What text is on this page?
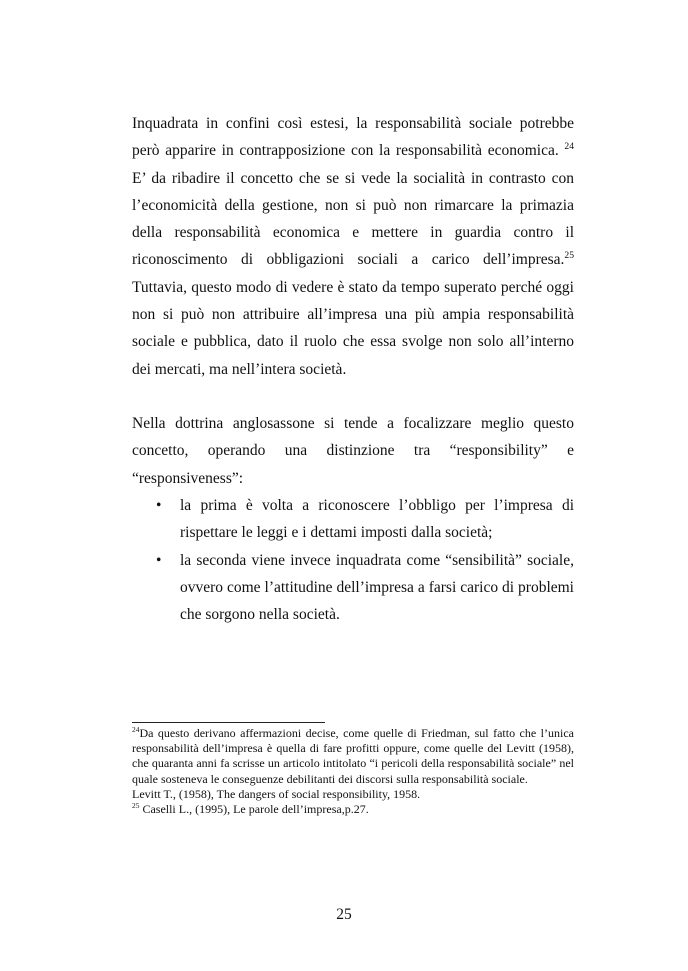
Inquadrata in confini così estesi, la responsabilità sociale potrebbe però apparire in contrapposizione con la responsabilità economica. $^{24}$ E’ da ribadire il concetto che se si vede la socialità in contrasto con l’economicità della gestione, non si può non rimarcare la primazia della responsabilità economica e mettere in guardia contro il riconoscimento di obbligazioni sociali a carico dell’impresa.$^{25}$ Tuttavia, questo modo di vedere è stato da tempo superato perché oggi non si può non attribuire all’impresa una più ampia responsabilità sociale e pubblica, dato il ruolo che essa svolge non solo all’interno dei mercati, ma nell’intera società.

Nella dottrina anglosassone si tende a focalizzare meglio questo concetto, operando una distinzione tra “responsibility” e “responsiveness”:

• la prima è volta a riconoscere l’obbligo per l’impresa di rispettare le leggi e i dettami imposti dalla società;
• la seconda viene invece inquadrata come “sensibilità” sociale, ovvero come l’attitudine dell’impresa a farsi carico di problemi che sorgono nella società.

$^{24}$Da questo derivano affermazioni decise, come quelle di Friedman, sul fatto che l’unica responsabilità dell’impresa è quella di fare profitti oppure, come quelle del Levitt (1958), che quaranta anni fa scrisse un articolo intitolato “i pericoli della responsabilità sociale” nel quale sosteneva le conseguenze debilitanti dei discorsi sulla responsabilità sociale.

Levitt T., (1958), The dangers of social responsibility, 1958.

$^{25}$ Caselli L., (1995), Le parole dell’impresa,p.27.

25
